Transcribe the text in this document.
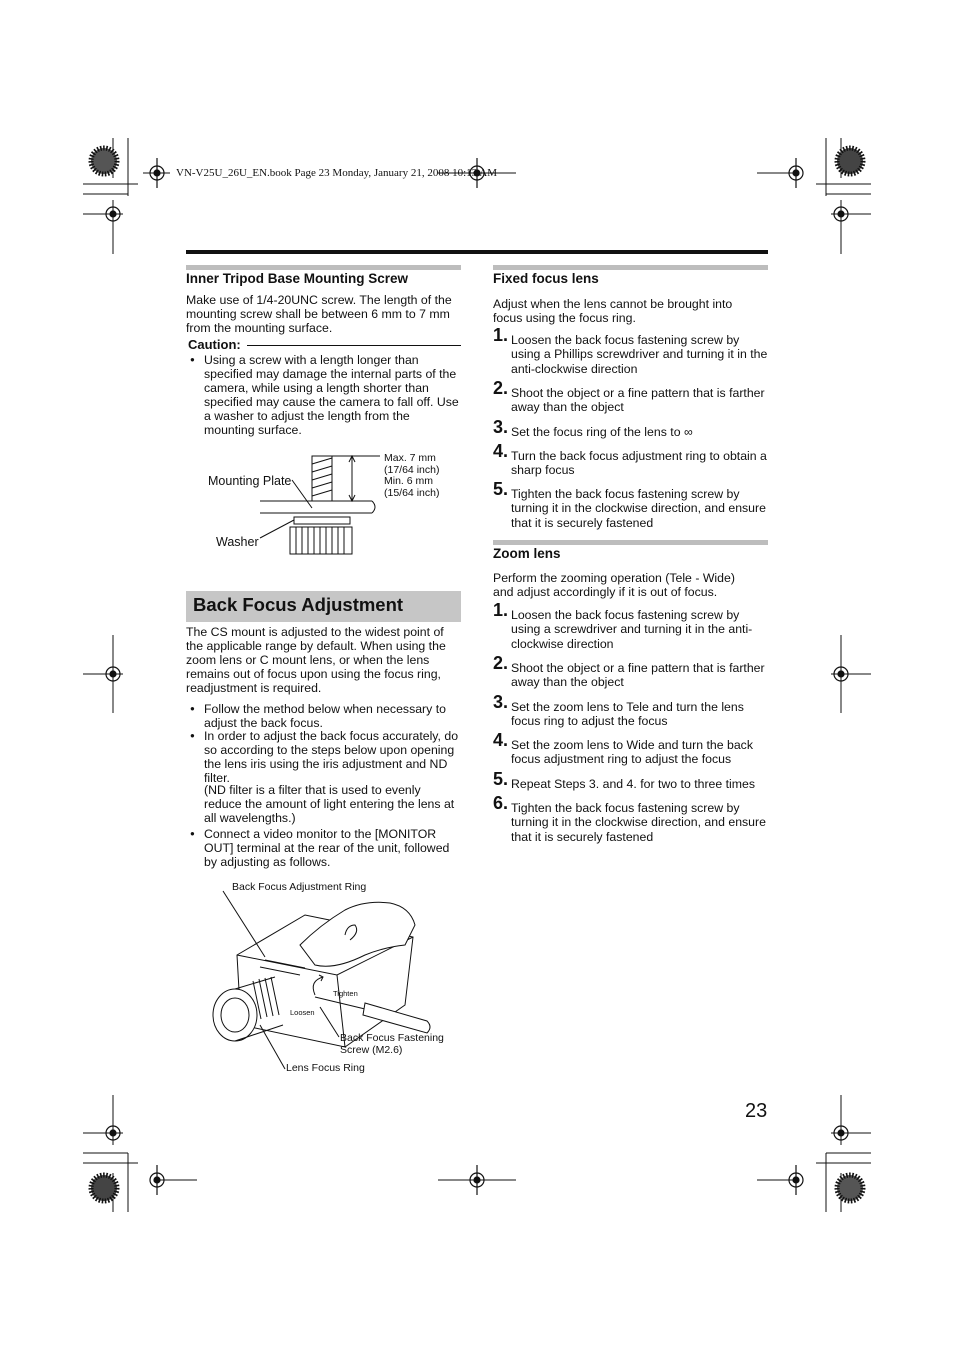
VN-V25U_26U_EN.book Page 23 Monday, January 21, 2008 10:13 AM
Inner Tripod Base Mounting Screw

Make use of 1/4-20UNC screw. The length of the mounting screw shall be between 6 mm to 7 mm from the mounting surface.

Caution:

● Using a screw with a length longer than specified may damage the internal parts of the camera, while using a length shorter than specified may cause the camera to fall off. Use a washer to adjust the length from the mounting surface.

Mounting Plate
Washer
Max. 7 mm
(17/64 inch)
Min. 6 mm
(15/64 inch)
Back Focus Adjustment

The CS mount is adjusted to the widest point of the applicable range by default. When using the zoom lens or C mount lens, or when the lens remains out of focus upon using the focus ring, readjustment is required.

● Follow the method below when necessary to adjust the back focus.

● In order to adjust the back focus accurately, do so according to the steps below upon opening the lens iris using the iris adjustment and ND filter.

(ND filter is a filter that is used to evenly reduce the amount of light entering the lens at all wavelengths.)

● Connect a video monitor to the [MONITOR OUT] terminal at the rear of the unit, followed by adjusting as follows.

Back Focus Adjustment Ring
Back Focus Fastening
Screw (M2.6)
Lens Focus Ring
Tighten
Loosen
Fixed focus lens

Adjust when the lens cannot be brought into focus using the focus ring.

1. Loosen the back focus fastening screw by using a Phillips screwdriver and turning it in the anti-clockwise direction
2. Shoot the object or a fine pattern that is farther away than the object
3. Set the focus ring of the lens to ∞
4. Turn the back focus adjustment ring to obtain a sharp focus
5. Tighten the back focus fastening screw by turning it in the clockwise direction, and ensure that it is securely fastened
Zoom lens

Perform the zooming operation (Tele - Wide) and adjust accordingly if it is out of focus.

1. Loosen the back focus fastening screw by using a screwdriver and turning it in the anti-clockwise direction
2. Shoot the object or a fine pattern that is farther away than the object
3. Set the zoom lens to Tele and turn the lens focus ring to adjust the focus
4. Set the zoom lens to Wide and turn the back focus adjustment ring to adjust the focus
5. Repeat Steps 3. and 4. for two to three times
6. Tighten the back focus fastening screw by turning it in the clockwise direction, and ensure that it is securely fastened
23
